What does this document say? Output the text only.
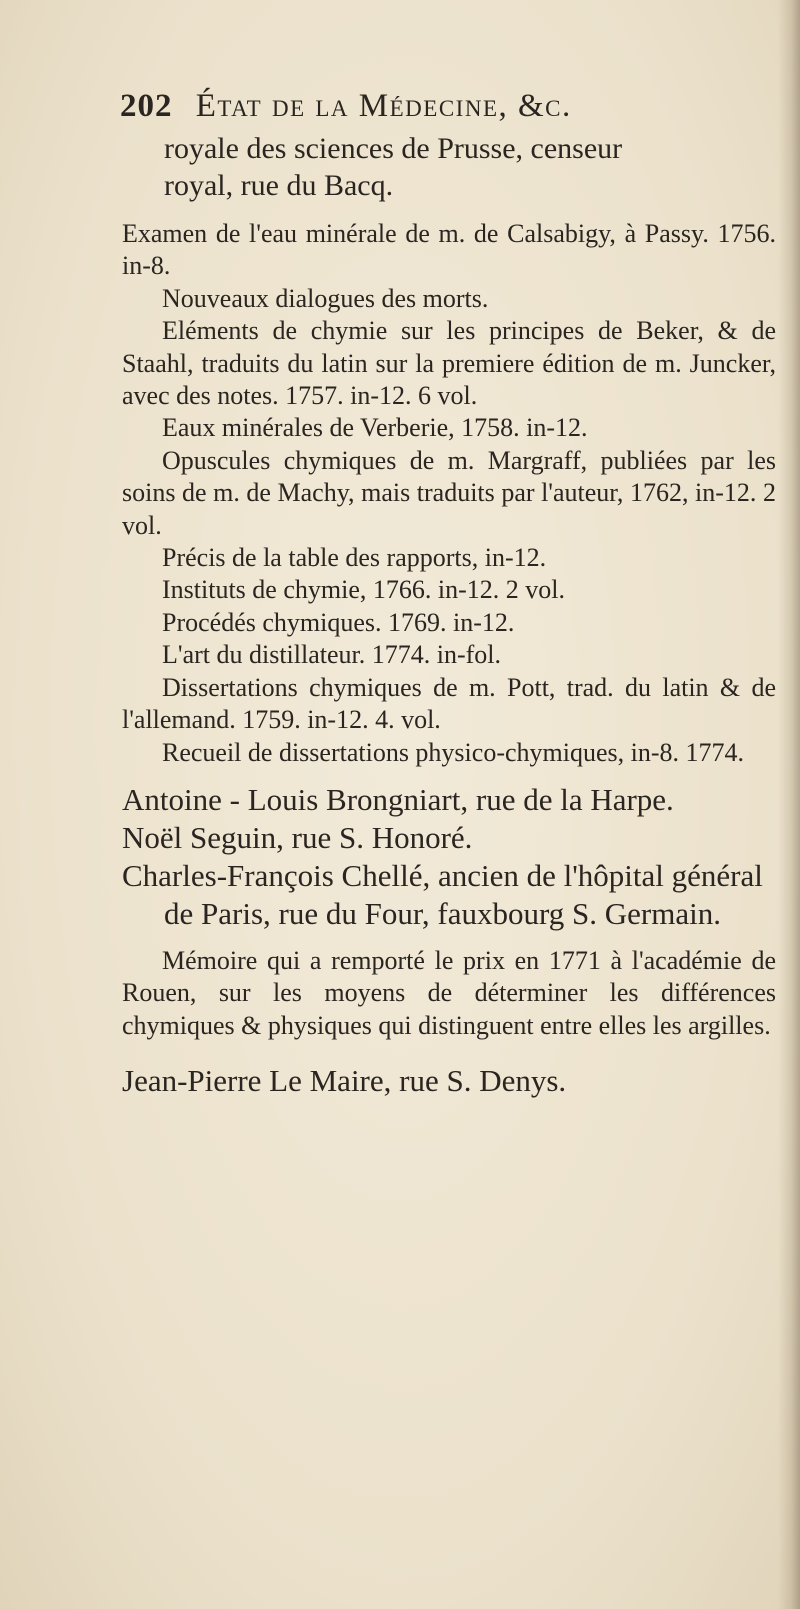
202 État de la Médecine, &c.
royale des sciences de Prusse, censeur
royal, rue du Bacq.
Examen de l'eau minérale de m. de Calsabigy, à Passy. 1756. in-8.
Nouveaux dialogues des morts.
Eléments de chymie sur les principes de Beker, & de Staahl, traduits du latin sur la premiere édition de m. Juncker, avec des notes. 1757. in-12. 6 vol.
Eaux minérales de Verberie, 1758. in-12.
Opuscules chymiques de m. Margraff, publiées par les soins de m. de Machy, mais traduits par l'auteur, 1762, in-12. 2 vol.
Précis de la table des rapports, in-12.
Instituts de chymie, 1766. in-12. 2 vol.
Procédés chymiques. 1769. in-12.
L'art du distillateur. 1774. in-fol.
Dissertations chymiques de m. Pott, trad. du latin & de l'allemand. 1759. in-12. 4. vol.
Recueil de dissertations physico-chymiques, in-8. 1774.
Antoine - Louis Brongniart, rue de la Harpe.
Noël Seguin, rue S. Honoré.
Charles-François Chellé, ancien de l'hôpital général de Paris, rue du Four, fauxbourg S. Germain.
Mémoire qui a remporté le prix en 1771 à l'académie de Rouen, sur les moyens de déterminer les différences chymiques & physiques qui distinguent entre elles les argilles.
Jean-Pierre Le Maire, rue S. Denys.
